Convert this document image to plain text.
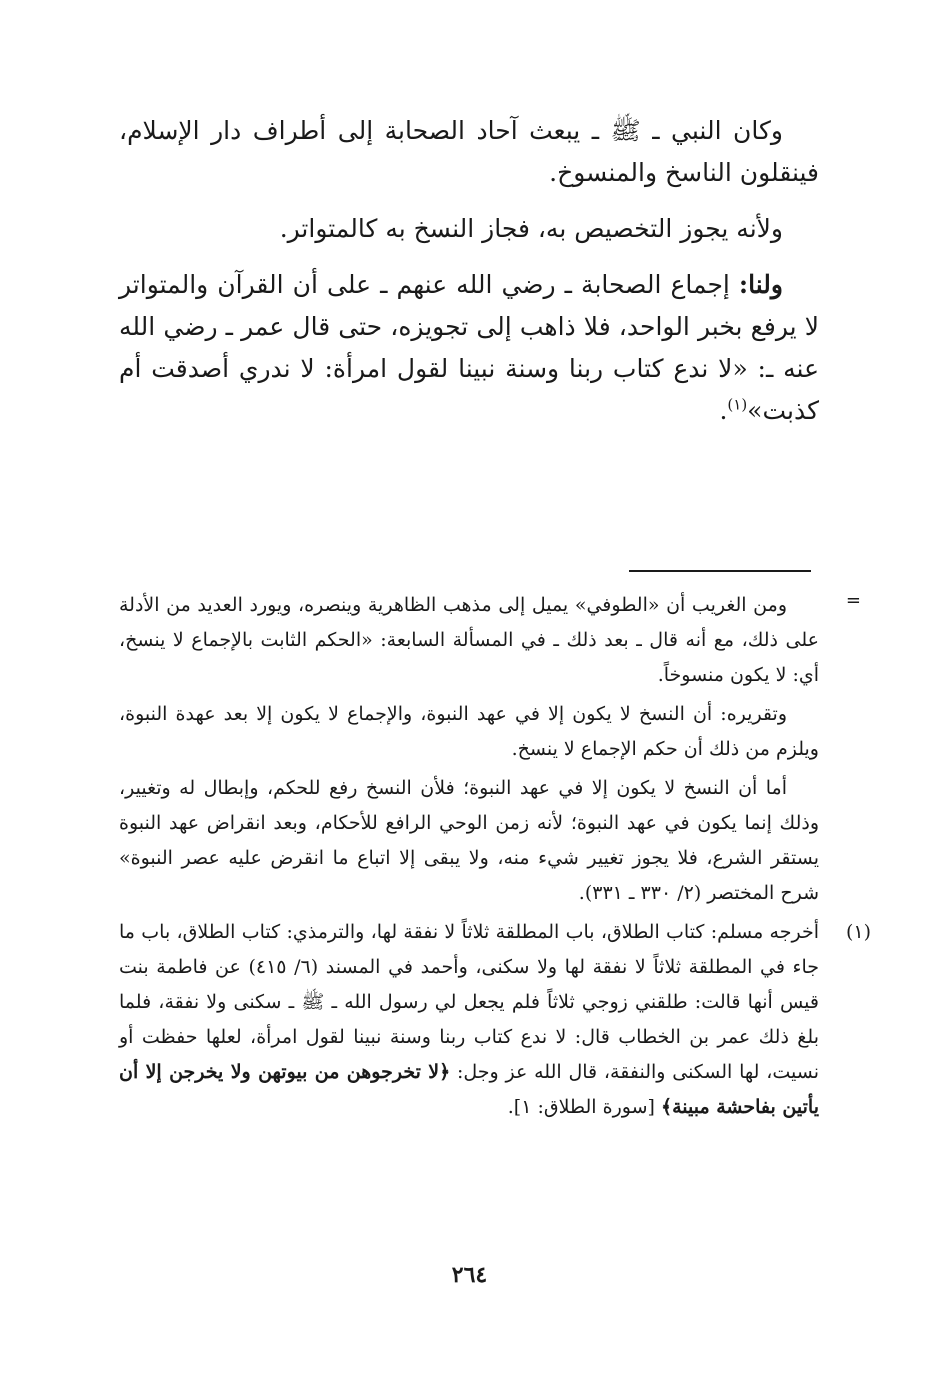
وكان النبي ـ ﷺ ـ يبعث آحاد الصحابة إلى أطراف دار الإسلام، فينقلون الناسخ والمنسوخ.

ولأنه يجوز التخصيص به، فجاز النسخ به كالمتواتر.

ولنا: إجماع الصحابة ـ رضي الله عنهم ـ على أن القرآن والمتواتر لا يرفع بخبر الواحد، فلا ذاهب إلى تجويزه، حتى قال عمر ـ رضي الله عنه ـ: «لا ندع كتاب ربنا وسنة نبينا لقول امرأة: لا ندري أصدقت أم كذبت»$^{(١)}$.

=

ومن الغريب أن «الطوفي» يميل إلى مذهب الظاهرية وينصره، ويورد العديد من الأدلة على ذلك، مع أنه قال ـ بعد ذلك ـ في المسألة السابعة: «الحكم الثابت بالإجماع لا ينسخ، أي: لا يكون منسوخاً.

وتقريره: أن النسخ لا يكون إلا في عهد النبوة، والإجماع لا يكون إلا بعد عهدة النبوة، ويلزم من ذلك أن حكم الإجماع لا ينسخ.

أما أن النسخ لا يكون إلا في عهد النبوة؛ فلأن النسخ رفع للحكم، وإبطال له وتغيير، وذلك إنما يكون في عهد النبوة؛ لأنه زمن الوحي الرافع للأحكام، وبعد انقراض عهد النبوة يستقر الشرع، فلا يجوز تغيير شيء منه، ولا يبقى إلا اتباع ما انقرض عليه عصر النبوة» شرح المختصر (٢/ ٣٣٠ ـ ٣٣١).

(١)
أخرجه مسلم: كتاب الطلاق، باب المطلقة ثلاثاً لا نفقة لها، والترمذي: كتاب الطلاق، باب ما جاء في المطلقة ثلاثاً لا نفقة لها ولا سكنى، وأحمد في المسند (٦/ ٤١٥) عن فاطمة بنت قيس أنها قالت: طلقني زوجي ثلاثاً فلم يجعل لي رسول الله ـ ﷺ ـ سكنى ولا نفقة، فلما بلغ ذلك عمر بن الخطاب قال: لا ندع كتاب ربنا وسنة نبينا لقول امرأة، لعلها حفظت أو نسيت، لها السكنى والنفقة، قال الله عز وجل: ﴿لا تخرجوهن من بيوتهن ولا يخرجن إلا أن يأتين بفاحشة مبينة﴾ [سورة الطلاق: ١].

٢٦٤
